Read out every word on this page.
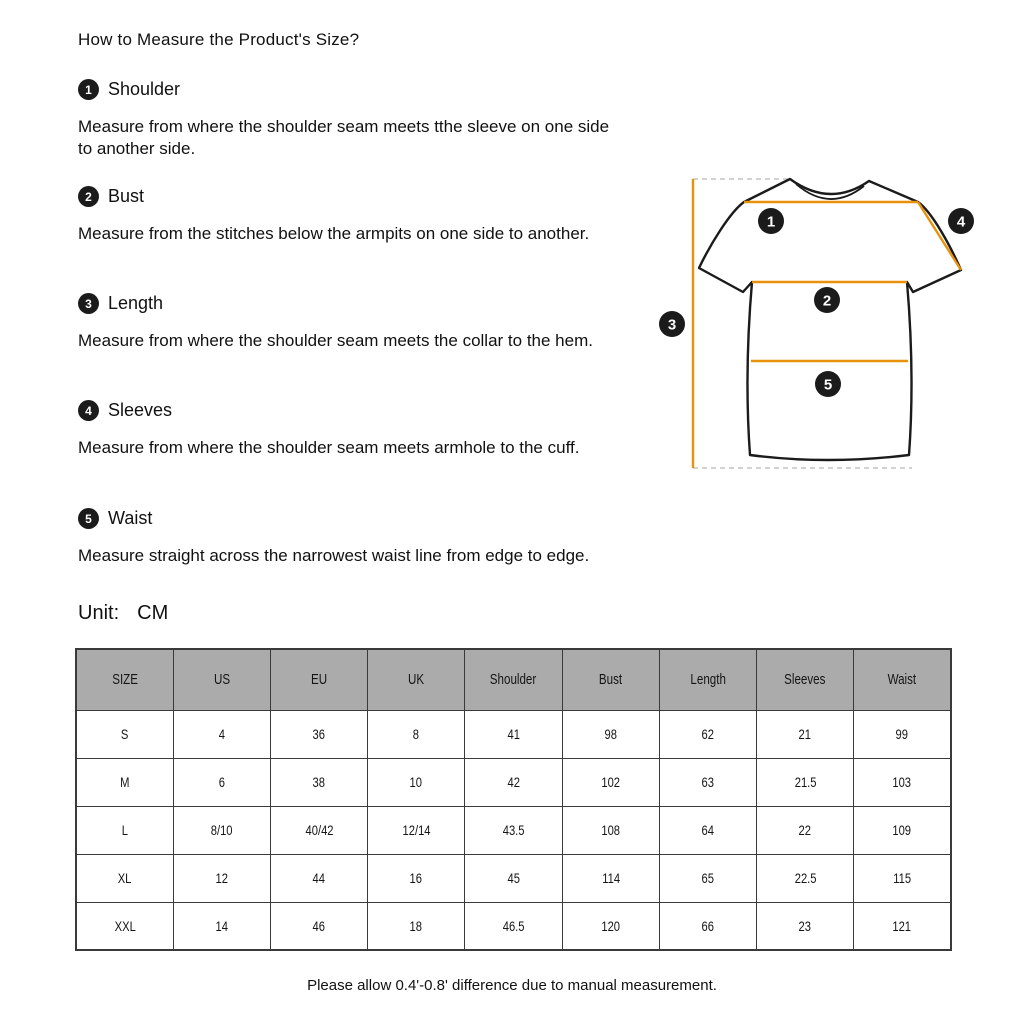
How to Measure the Product's Size?
1 Shoulder
Measure from where the shoulder seam meets tthe sleeve on one side to another side.
2 Bust
Measure from the stitches below the armpits on one side to another.
3 Length
Measure from where the shoulder seam meets the collar to the hem.
4 Sleeves
Measure from where the shoulder seam meets armhole to the cuff.
5 Waist
Measure straight across the narrowest waist line from edge to edge.
Unit: CM
1
2
3
4
5
SIZE	US	EU	UK	Shoulder	Bust	Length	Sleeves	Waist
S	4	36	8	41	98	62	21	99
M	6	38	10	42	102	63	21.5	103
L	8/10	40/42	12/14	43.5	108	64	22	109
XL	12	44	16	45	114	65	22.5	115
XXL	14	46	18	46.5	120	66	23	121
Please allow 0.4'-0.8' difference due to manual measurement.
